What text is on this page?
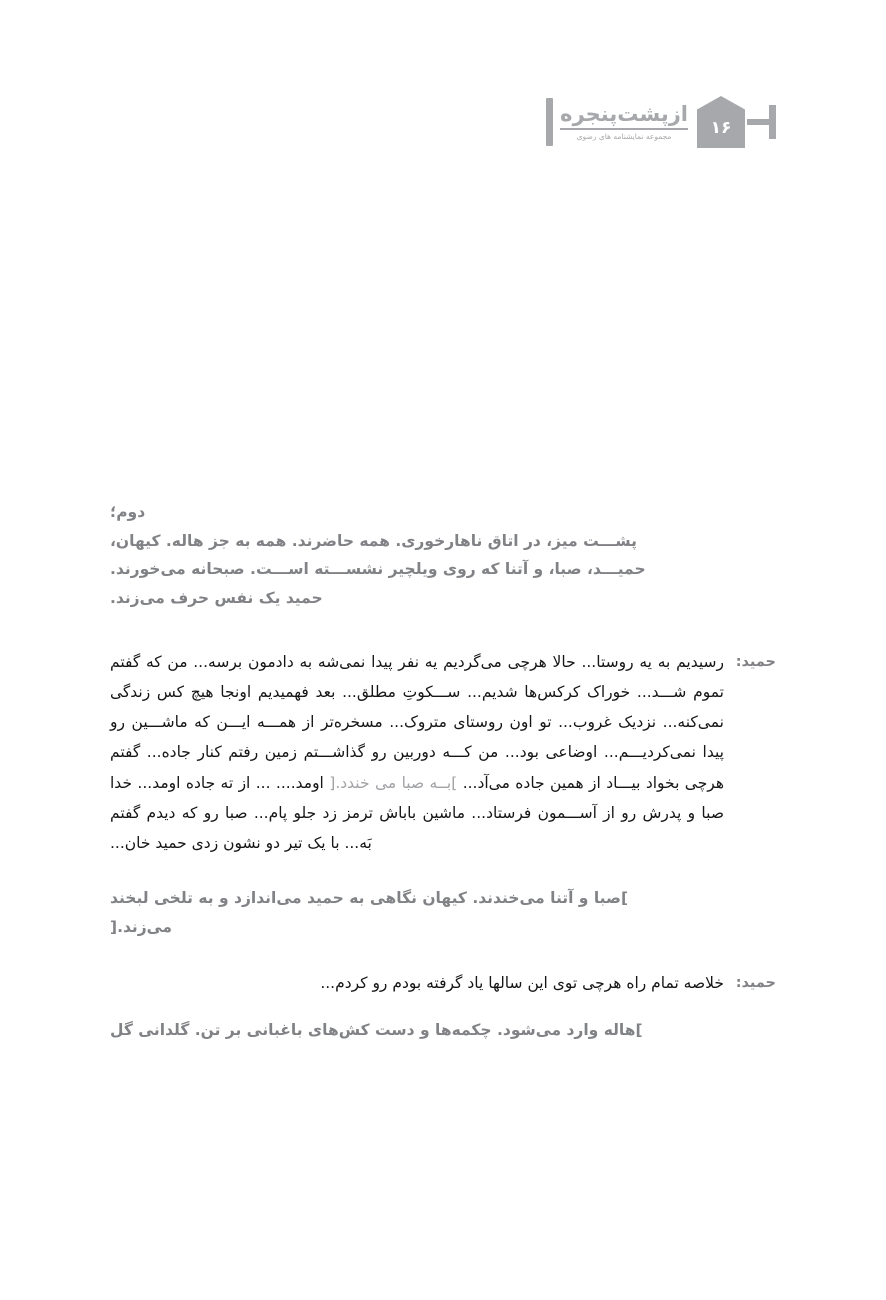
ازپشت‌پنجره
مجموعه نمایشنامه های رضوی ۱۶
دوم؛
پشـــت میز، در اتاق ناهارخوری. همه حاضرند. همه به جز هاله. کیهان،
حمیـــد، صبا، و آتنا که روی ویلچیر نشســـته اســـت. صبحانه می‌خورند.
حمید یک نفس حرف می‌زند.
حمید:
رسیدیم به یه روستا... حالا هرچی می‌گردیم یه نفر پیدا نمی‌شه به دادمون برسه... من که گفتم تموم شـــد... خوراک کرکس‌ها شدیم... ســـکوتِ مطلق... بعد فهمیدیم اونجا هیچ کس زندگی نمی‌کنه... نزدیک غروب... تو اون روستای متروک... مسخره‌تر از همـــه ایـــن که ماشـــین رو پیدا نمی‌کردیـــم... اوضاعی بود... من کـــه دوربین رو گذاشـــتم زمین رفتم کنار جاده... گفتم هرچی بخواد بیـــاد از همین جاده می‌آد... ]بــه صبا می خندد.[ اومد.... ... از ته جاده اومد... خدا صبا و پدرش رو از آســـمون فرستاد... ماشین باباش ترمز زد جلو پام... صبا رو که دیدم گفتم بَه... با یک تیر دو نشون زدی حمید خان...
]صبا و آتنا می‌خندند. کیهان نگاهی به حمید می‌اندازد و به تلخی لبخند
می‌زند.[
حمید:
خلاصه تمام راه هرچی توی این سالها یاد گرفته بودم رو کردم...
]هاله وارد می‌شود. چکمه‌ها و دست کش‌های باغبانی بر تن. گلدانی گل
